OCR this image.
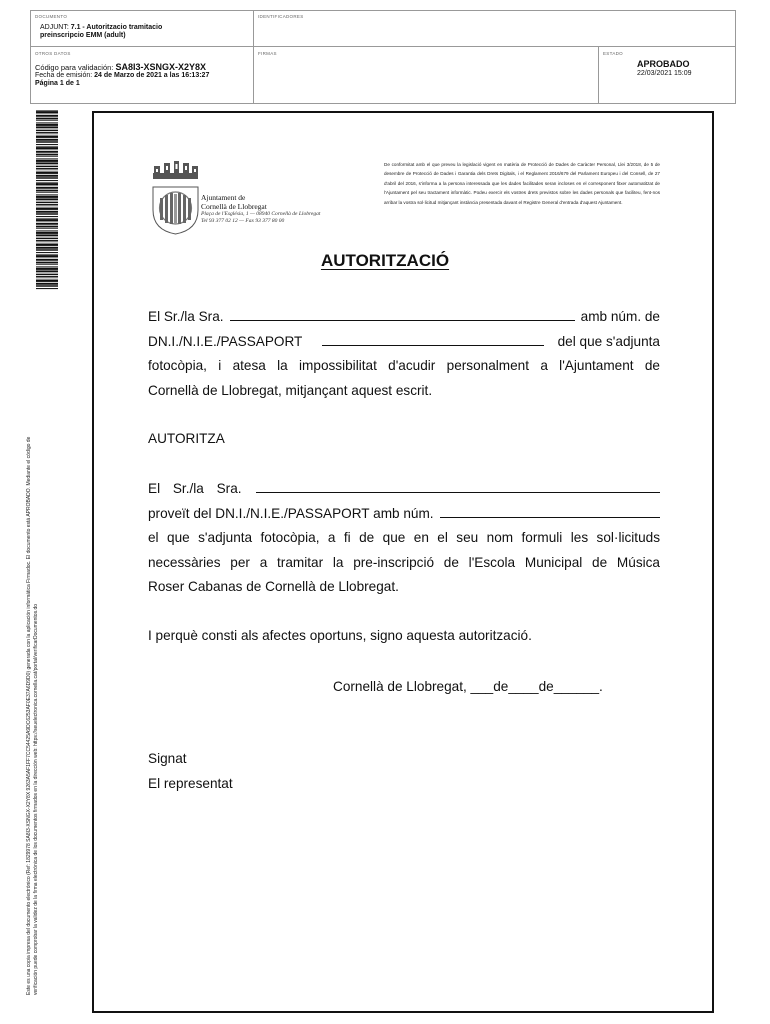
DOCUMENTO
ADJUNT: 7.1 - Autoritzacio tramitacio
preinscripcio EMM (adult)
IDENTIFICADORES
OTROS DATOS
Código para validación: SA8I3-XSNGX-X2Y8X
Fecha de emisión: 24 de Marzo de 2021 a las 16:13:27
Página 1 de 1
FIRMAS	ESTADO
APROBADO
22/03/2021 15:09
Este es una copia impresa del documento electrónico (Ref: 1829978 SA8I3-XSNGX-X2Y8X 9263A5AF1FF7CC54425A9DC6253AF0E37A6D9D0) generada con la aplicación informática Firmadoc. El documento está APROBADO. Mediante el código de verificación puede comprobar la validez de la firma electrónica de los documentos firmados en la dirección web: https://seuelectronica.cornella.cat/portal/verificarDocumentos.do
Ajuntament de
Cornellà de Llobregat
Plaça de l'Església, 1 — 08940 Cornellà de Llobregat
Tel 93 377 02 12 — Fax 93 377 80 00
De conformitat amb el que preveu la legislació vigent en matèria de Protecció de Dades de Caràcter Personal, Llei 3/2018, de 5 de desembre de Protecció de Dades i Garantia dels Drets Digitals, i el Reglament 2016/679 del Parlament Europeu i del Consell, de 27 d'abril del 2016, s'informa a la persona interessada que les dades facilitades seran incloses en el corresponent fitxer automatitzat de l'Ajuntament pel seu tractament informàtic. Podeu exercir els vostres drets previstos sobre les dades personals que faciliteu, fent-nos arribar la vostra sol·licitud mitjançant instància presentada davant el Registre General d'entrada d'aquest Ajuntament.
AUTORITZACIÓ
El Sr./la Sra.	amb núm. de
DN.I./N.I.E./PASSAPORT	del que s'adjunta
fotocòpia, i atesa la impossibilitat d'acudir personalment a l'Ajuntament de
Cornellà de Llobregat, mitjançant aquest escrit.
AUTORITZA
El Sr./la Sra.
proveït del DN.I./N.I.E./PASSAPORT amb núm.
el que s'adjunta fotocòpia, a fi de que en el seu nom formuli les sol·licituds
necessàries per a tramitar la pre-inscripció de l'Escola Municipal de Música
Roser Cabanas de Cornellà de Llobregat.
I perquè consti als afectes oportuns, signo aquesta autorització.
Cornellà de Llobregat, ___de____de______.
Signat
El representat
